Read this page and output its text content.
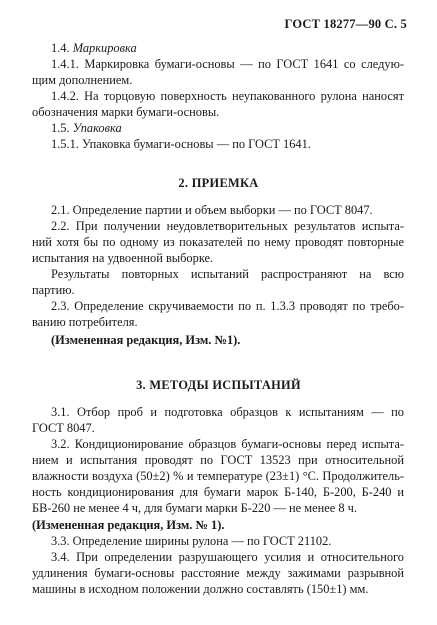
ГОСТ 18277—90 С. 5
1.4. Маркировка
1.4.1. Маркировка бумаги-основы — по ГОСТ 1641 со следую-
щим дополнением.
1.4.2. На торцовую поверхность неупакованного рулона наносят
обозначения марки бумаги-основы.
1.5. Упаковка
1.5.1. Упаковка бумаги-основы — по ГОСТ 1641.
2. ПРИЕМКА
2.1. Определение партии и объем выборки — по ГОСТ 8047.
2.2. При получении неудовлетворительных результатов испыта-
ний хотя бы по одному из показателей по нему проводят повторные
испытания на удвоенной выборке.
Результаты повторных испытаний распространяют на всю
партию.
2.3. Определение скручиваемости по п. 1.3.3 проводят по требо-
ванию потребителя.
(Измененная редакция, Изм. №1).
3. МЕТОДЫ ИСПЫТАНИЙ
3.1. Отбор проб и подготовка образцов к испытаниям — по
ГОСТ 8047.
3.2. Кондиционирование образцов бумаги-основы перед испыта-
нием и испытания проводят по ГОСТ 13523 при относительной
влажности воздуха (50±2) % и температуре (23±1) °С. Продолжитель-
ность кондиционирования для бумаги марок Б-140, Б-200, Б-240 и
БВ-260 не менее 4 ч, для бумаги марки Б-220 — не менее 8 ч.
(Измененная редакция, Изм. № 1).
3.3. Определение ширины рулона — по ГОСТ 21102.
3.4. При определении разрушающего усилия и относительного
удлинения бумаги-основы расстояние между зажимами разрывной
машины в исходном положении должно составлять (150±1) мм.
